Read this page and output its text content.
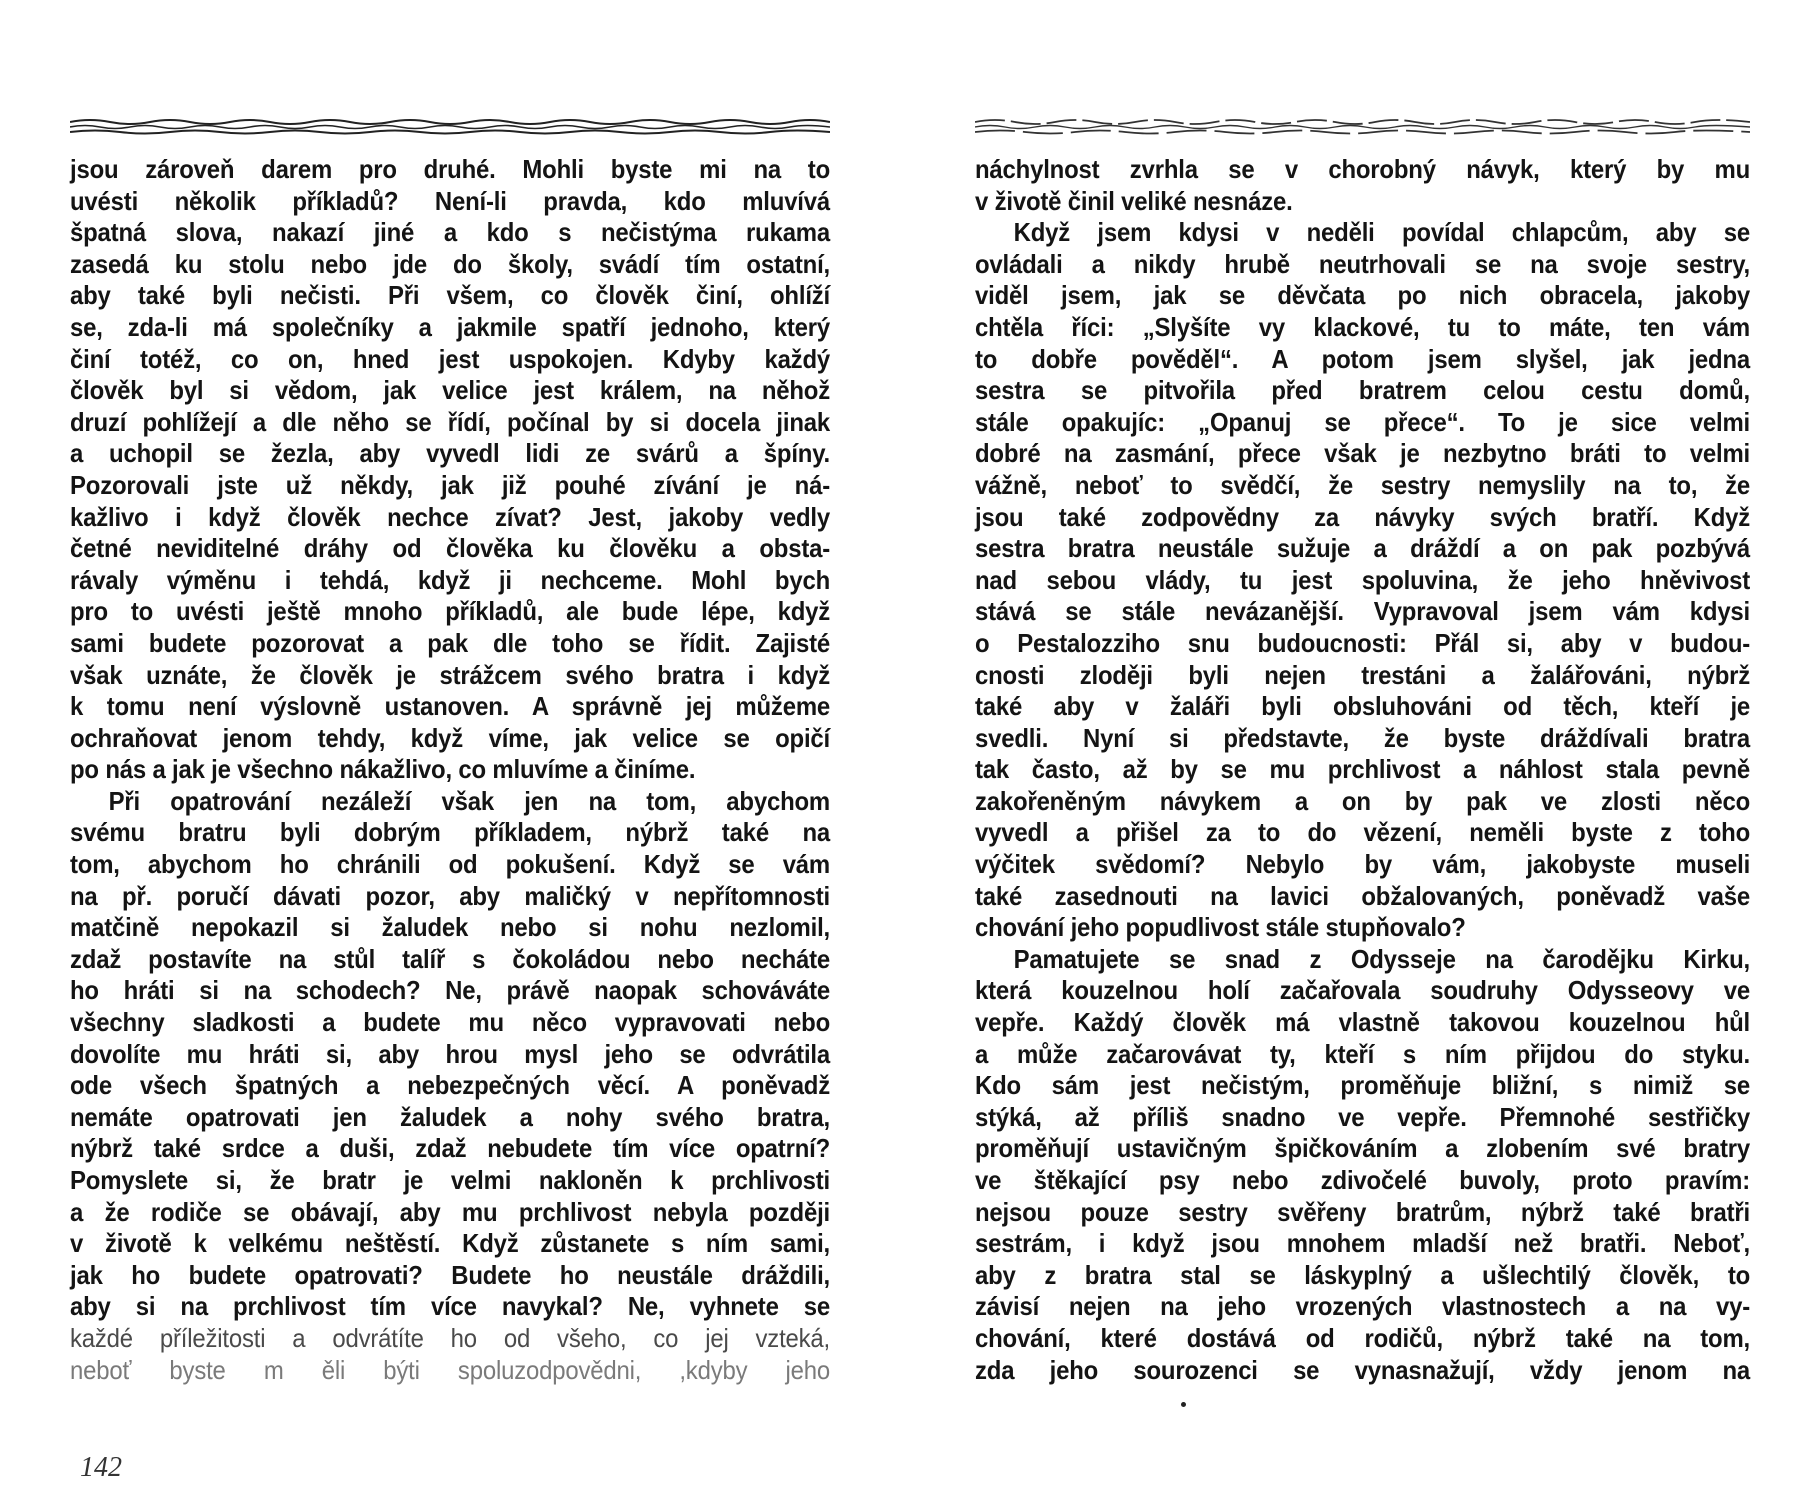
jsou zároveň darem pro druhé. Mohli byste mi na to
uvésti několik příkladů? Není-li pravda, kdo mluvívá
špatná slova, nakazí jiné a kdo s nečistýma rukama
zasedá ku stolu nebo jde do školy, svádí tím ostatní,
aby také byli nečisti. Při všem, co člověk činí, ohlíží
se, zda-li má společníky a jakmile spatří jednoho, který
činí totéž, co on, hned jest uspokojen. Kdyby každý
člověk byl si vědom, jak velice jest králem, na něhož
druzí pohlížejí a dle něho se řídí, počínal by si docela jinak
a uchopil se žezla, aby vyvedl lidi ze svárů a špíny.
Pozorovali jste už někdy, jak již pouhé zívání je ná-
kažlivo i když člověk nechce zívat? Jest, jakoby vedly
četné neviditelné dráhy od člověka ku člověku a obsta-
rávaly výměnu i tehdá, když ji nechceme. Mohl bych
pro to uvésti ještě mnoho příkladů, ale bude lépe, když
sami budete pozorovat a pak dle toho se řídit. Zajisté
však uznáte, že člověk je strážcem svého bratra i když
k tomu není výslovně ustanoven. A správně jej můžeme
ochraňovat jenom tehdy, když víme, jak velice se opičí
po nás a jak je všechno nákažlivo, co mluvíme a činíme.
Při opatrování nezáleží však jen na tom, abychom
svému bratru byli dobrým příkladem, nýbrž také na
tom, abychom ho chránili od pokušení. Když se vám
na př. poručí dávati pozor, aby maličký v nepřítomnosti
matčině nepokazil si žaludek nebo si nohu nezlomil,
zdaž postavíte na stůl talíř s čokoládou nebo necháte
ho hráti si na schodech? Ne, právě naopak schováváte
všechny sladkosti a budete mu něco vypravovati nebo
dovolíte mu hráti si, aby hrou mysl jeho se odvrátila
ode všech špatných a nebezpečných věcí. A poněvadž
nemáte opatrovati jen žaludek a nohy svého bratra,
nýbrž také srdce a duši, zdaž nebudete tím více opatrní?
Pomyslete si, že bratr je velmi nakloněn k prchlivosti
a že rodiče se obávají, aby mu prchlivost nebyla později
v životě k velkému neštěstí. Když zůstanete s ním sami,
jak ho budete opatrovati? Budete ho neustále dráždili,
aby si na prchlivost tím více navykal? Ne, vyhnete se
každé příležitosti a odvrátíte ho od všeho, co jej vzteká,
neboť byste m ěli býti spoluzodpovědni, ,kdyby jeho
náchylnost zvrhla se v chorobný návyk, který by mu
v životě činil veliké nesnáze.
Když jsem kdysi v neděli povídal chlapcům, aby se
ovládali a nikdy hrubě neutrhovali se na svoje sestry,
viděl jsem, jak se děvčata po nich obracela, jakoby
chtěla říci: „Slyšíte vy klackové, tu to máte, ten vám
to dobře pověděl“. A potom jsem slyšel, jak jedna
sestra se pitvořila před bratrem celou cestu domů,
stále opakujíc: „Opanuj se přece“. To je sice velmi
dobré na zasmání, přece však je nezbytno bráti to velmi
vážně, neboť to svědčí, že sestry nemyslily na to, že
jsou také zodpovědny za návyky svých bratří. Když
sestra bratra neustále sužuje a dráždí a on pak pozbývá
nad sebou vlády, tu jest spoluvina, že jeho hněvivost
stává se stále nevázanější. Vypravoval jsem vám kdysi
o Pestalozziho snu budoucnosti: Přál si, aby v budou-
cnosti zloději byli nejen trestáni a žalářováni, nýbrž
také aby v žaláři byli obsluhováni od těch, kteří je
svedli. Nyní si představte, že byste dráždívali bratra
tak často, až by se mu prchlivost a náhlost stala pevně
zakořeněným návykem a on by pak ve zlosti něco
vyvedl a přišel za to do vězení, neměli byste z toho
výčitek svědomí? Nebylo by vám, jakobyste museli
také zasednouti na lavici obžalovaných, poněvadž vaše
chování jeho popudlivost stále stupňovalo?
Pamatujete se snad z Odysseje na čarodějku Kirku,
která kouzelnou holí začařovala soudruhy Odysseovy ve
vepře. Každý člověk má vlastně takovou kouzelnou hůl
a může začarovávat ty, kteří s ním přijdou do styku.
Kdo sám jest nečistým, proměňuje bližní, s nimiž se
stýká, až příliš snadno ve vepře. Přemnohé sestřičky
proměňují ustavičným špičkováním a zlobením své bratry
ve štěkající psy nebo zdivočelé buvoly, proto pravím:
nejsou pouze sestry svěřeny bratrům, nýbrž také bratři
sestrám, i když jsou mnohem mladší než bratři. Neboť,
aby z bratra stal se láskyplný a ušlechtilý člověk, to
závisí nejen na jeho vrozených vlastnostech a na vy-
chování, které dostává od rodičů, nýbrž také na tom,
zda jeho sourozenci se vynasnažují, vždy jenom na
142
